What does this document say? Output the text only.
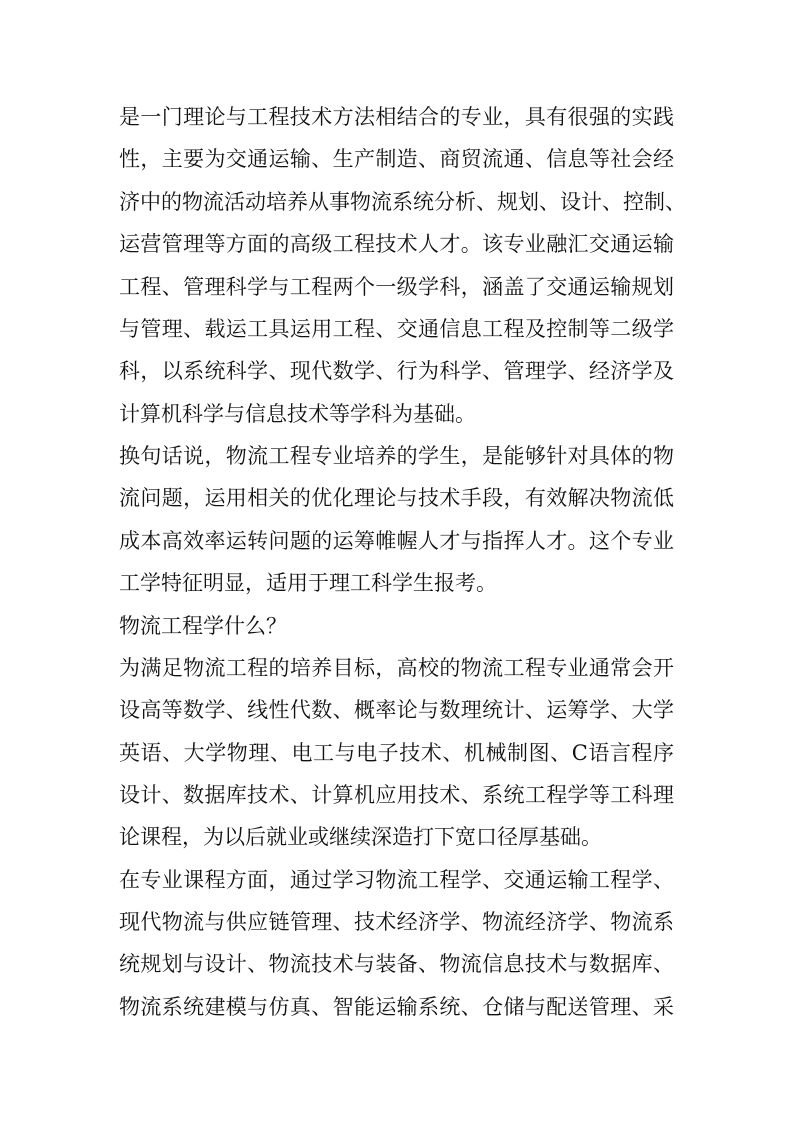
是一门理论与工程技术方法相结合的专业，具有很强的实践
性，主要为交通运输、生产制造、商贸流通、信息等社会经
济中的物流活动培养从事物流系统分析、规划、设计、控制、
运营管理等方面的高级工程技术人才。该专业融汇交通运输
工程、管理科学与工程两个一级学科，涵盖了交通运输规划
与管理、载运工具运用工程、交通信息工程及控制等二级学
科，以系统科学、现代数学、行为科学、管理学、经济学及
计算机科学与信息技术等学科为基础。
换句话说，物流工程专业培养的学生，是能够针对具体的物
流问题，运用相关的优化理论与技术手段，有效解决物流低
成本高效率运转问题的运筹帷幄人才与指挥人才。这个专业
工学特征明显，适用于理工科学生报考。
物流工程学什么？
为满足物流工程的培养目标，高校的物流工程专业通常会开
设高等数学、线性代数、概率论与数理统计、运筹学、大学
英语、大学物理、电工与电子技术、机械制图、C语言程序
设计、数据库技术、计算机应用技术、系统工程学等工科理
论课程，为以后就业或继续深造打下宽口径厚基础。
在专业课程方面，通过学习物流工程学、交通运输工程学、
现代物流与供应链管理、技术经济学、物流经济学、物流系
统规划与设计、物流技术与装备、物流信息技术与数据库、
物流系统建模与仿真、智能运输系统、仓储与配送管理、采
